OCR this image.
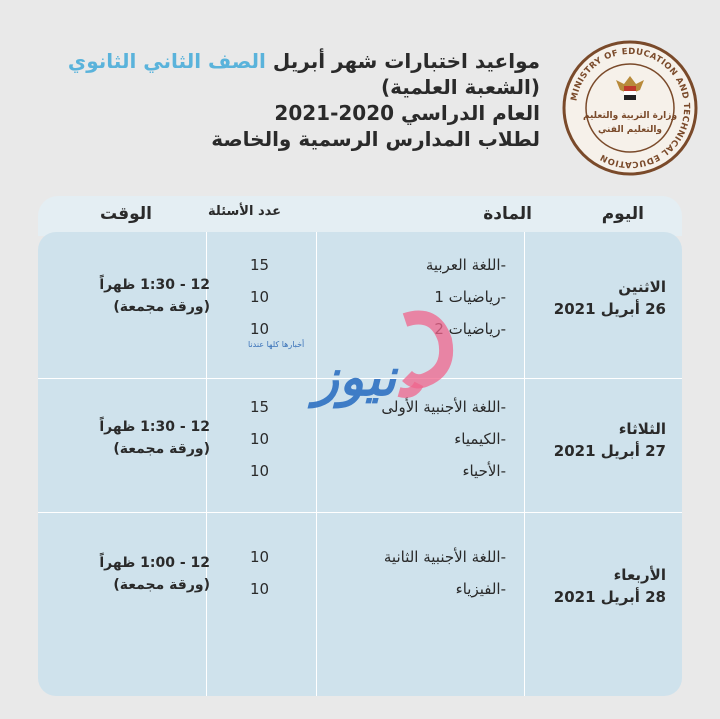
MINISTRY OF EDUCATION AND TECHNICAL EDUCATION
وزارة التربية والتعليم
والتعليم الفني
مواعيد اختبارات شهر أبريل الصف الثاني الثانوي
(الشعبة العلمية)
العام الدراسي 2020-2021
لطلاب المدارس الرسمية والخاصة
اليوم
المادة
عدد الأسئلة
الوقت
الاثنين
26 أبريل 2021
-اللغة العربية
-رياضيات 1
-رياضيات 2
15
10
10
12 - 1:30 ظهراً
(ورقة مجمعة)
الثلاثاء
27 أبريل 2021
-اللغة الأجنبية الأولى
-الكيمياء
-الأحياء
15
10
10
12 - 1:30 ظهراً
(ورقة مجمعة)
الأربعاء
28 أبريل 2021
-اللغة الأجنبية الثانية
-الفيزياء
10
10
12 - 1:00 ظهراً
(ورقة مجمعة)
نيوز
أخبارها كلها عندنا
